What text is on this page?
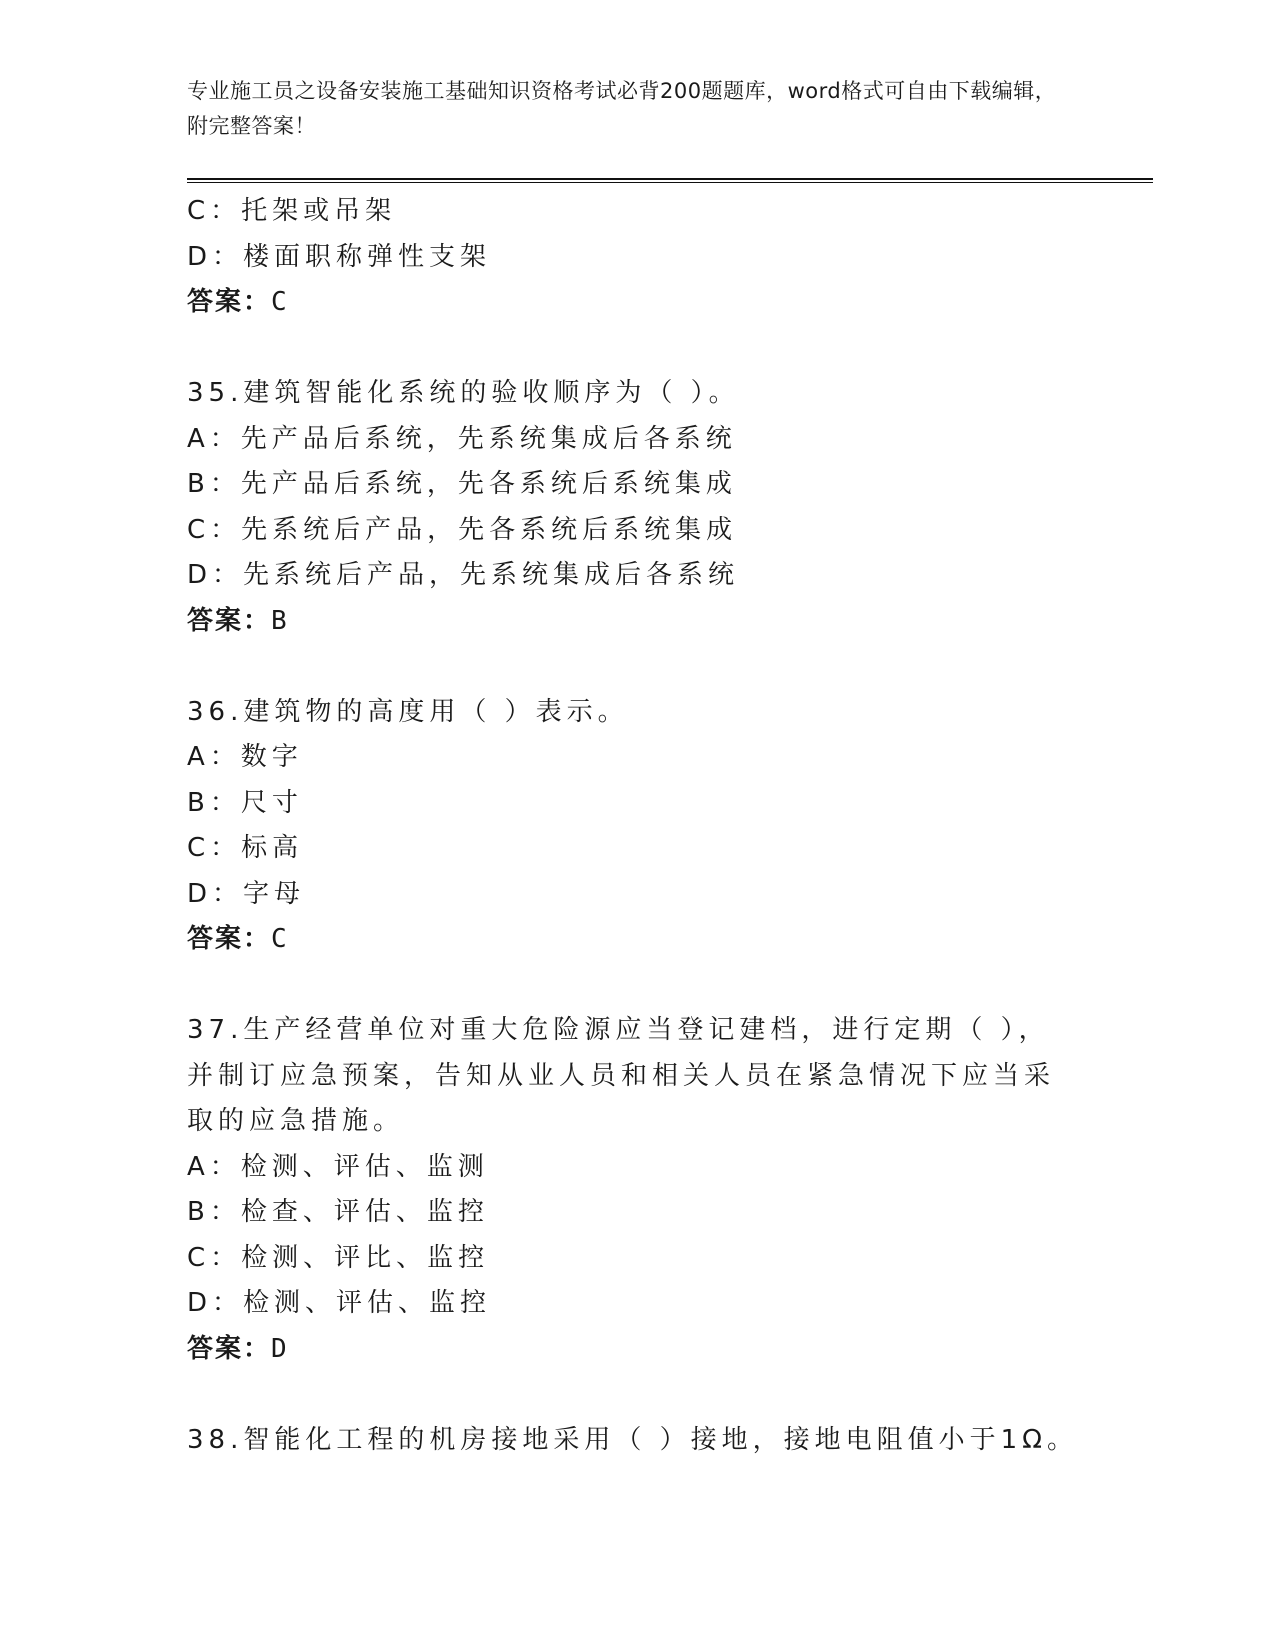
专业施工员之设备安装施工基础知识资格考试必背200题题库，word格式可自由下载编辑，附完整答案！
C：托架或吊架
D：楼面职称弹性支架
答案：C
35.建筑智能化系统的验收顺序为（ ）。
A：先产品后系统，先系统集成后各系统
B：先产品后系统，先各系统后系统集成
C：先系统后产品，先各系统后系统集成
D：先系统后产品，先系统集成后各系统
答案：B
36.建筑物的高度用（ ）表示。
A：数字
B：尺寸
C：标高
D：字母
答案：C
37.生产经营单位对重大危险源应当登记建档，进行定期（ ），并制订应急预案，告知从业人员和相关人员在紧急情况下应当采取的应急措施。
A：检测、评估、监测
B：检查、评估、监控
C：检测、评比、监控
D：检测、评估、监控
答案：D
38.智能化工程的机房接地采用（ ）接地，接地电阻值小于1Ω。
